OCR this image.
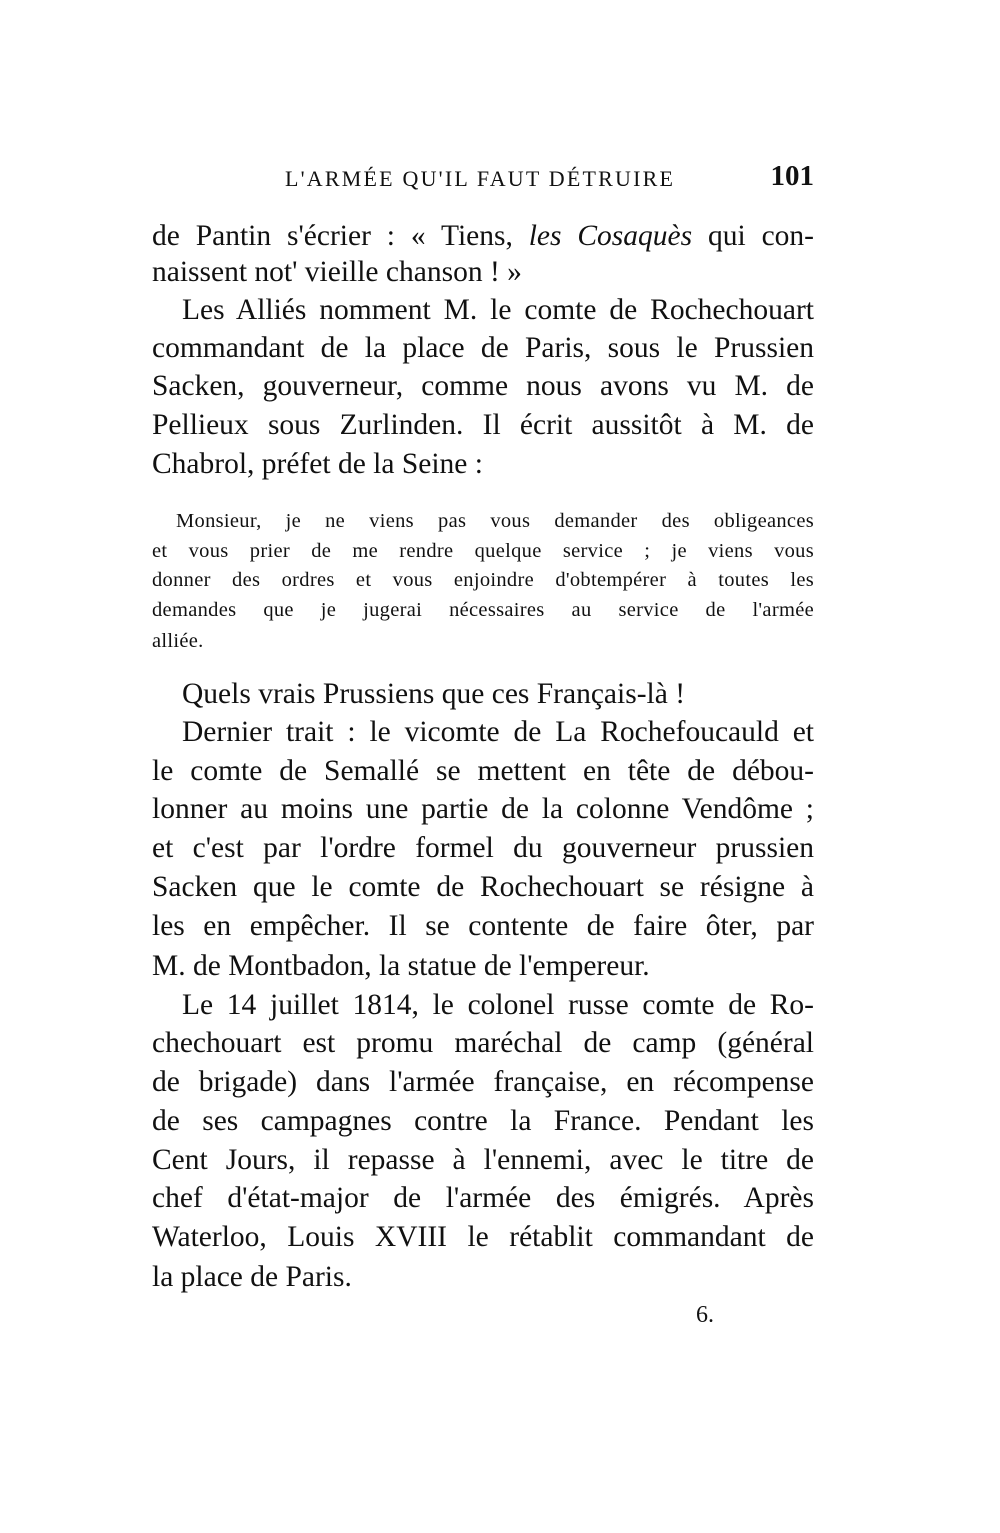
L'ARMÉE QU'IL FAUT DÉTRUIRE	101
de Pantin s'écrier : « Tiens, les Cosaquès qui con-
naissent not' vieille chanson ! »
Les Alliés nomment M. le comte de Rochechouart
commandant de la place de Paris, sous le Prussien
Sacken, gouverneur, comme nous avons vu M. de
Pellieux sous Zurlinden. Il écrit aussitôt à M. de
Chabrol, préfet de la Seine :
Monsieur, je ne viens pas vous demander des obligeances
et vous prier de me rendre quelque service ; je viens vous
donner des ordres et vous enjoindre d'obtempérer à toutes les
demandes que je jugerai nécessaires au service de l'armée
alliée.
Quels vrais Prussiens que ces Français-là !
Dernier trait : le vicomte de La Rochefoucauld et
le comte de Semallé se mettent en tête de débou-
lonner au moins une partie de la colonne Vendôme ;
et c'est par l'ordre formel du gouverneur prussien
Sacken que le comte de Rochechouart se résigne à
les en empêcher. Il se contente de faire ôter, par
M. de Montbadon, la statue de l'empereur.
Le 14 juillet 1814, le colonel russe comte de Ro-
chechouart est promu maréchal de camp (général
de brigade) dans l'armée française, en récompense
de ses campagnes contre la France. Pendant les
Cent Jours, il repasse à l'ennemi, avec le titre de
chef d'état-major de l'armée des émigrés. Après
Waterloo, Louis XVIII le rétablit commandant de
la place de Paris.
6.
